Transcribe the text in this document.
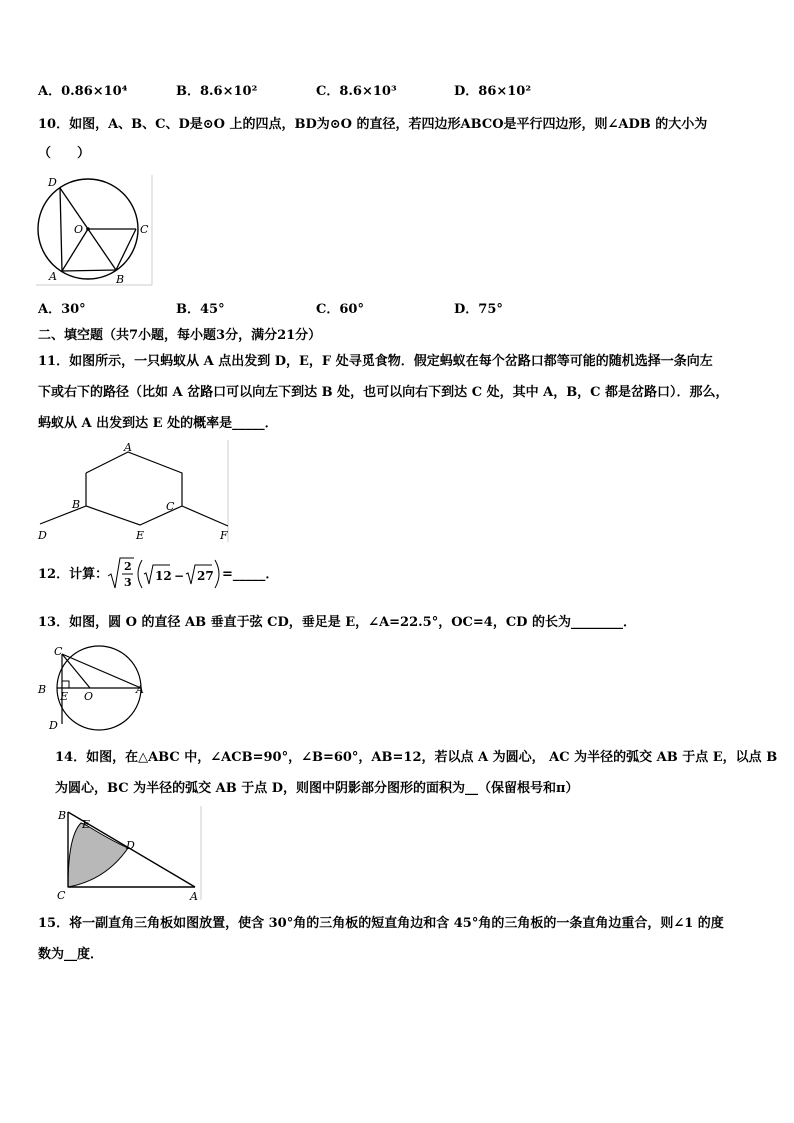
A．0.86×10⁴	B．8.6×10²	C．8.6×10³	D．86×10²
10．如图，A、B、C、D是⊙O 上的四点，BD为⊙O 的直径，若四边形ABCO是平行四边形，则∠ADB 的大小为
（　　）
D
O	C
A	B
A．30°	B．45°	C．60°	D．75°
二、填空题（共7小题，每小题3分，满分21分）
11．如图所示，一只蚂蚁从 A 点出发到 D，E，F 处寻觅食物．假定蚂蚁在每个岔路口都等可能的随机选择一条向左
下或右下的路径（比如 A 岔路口可以向左下到达 B 处，也可以向右下到达 C 处，其中 A，B，C 都是岔路口）．那么，
蚂蚁从 A 出发到达 E 处的概率是_____．
A
B	C
D	E	F
12．计算：
2
3 12 − 27 =_____．
13．如图，圆 O 的直径 AB 垂直于弦 CD，垂足是 E，∠A=22.5°，OC=4，CD 的长为________．
C
B
E O
A
D
14．如图，在△ABC 中，∠ACB=90°，∠B=60°，AB=12，若以点 A 为圆心， AC 为半径的弧交 AB 于点 E，以点 B
为圆心，BC 为半径的弧交 AB 于点 D，则图中阴影部分图形的面积为__（保留根号和π）
B
E
D
C	A
15．将一副直角三角板如图放置，使含 30°角的三角板的短直角边和含 45°角的三角板的一条直角边重合，则∠1 的度
数为__度．
